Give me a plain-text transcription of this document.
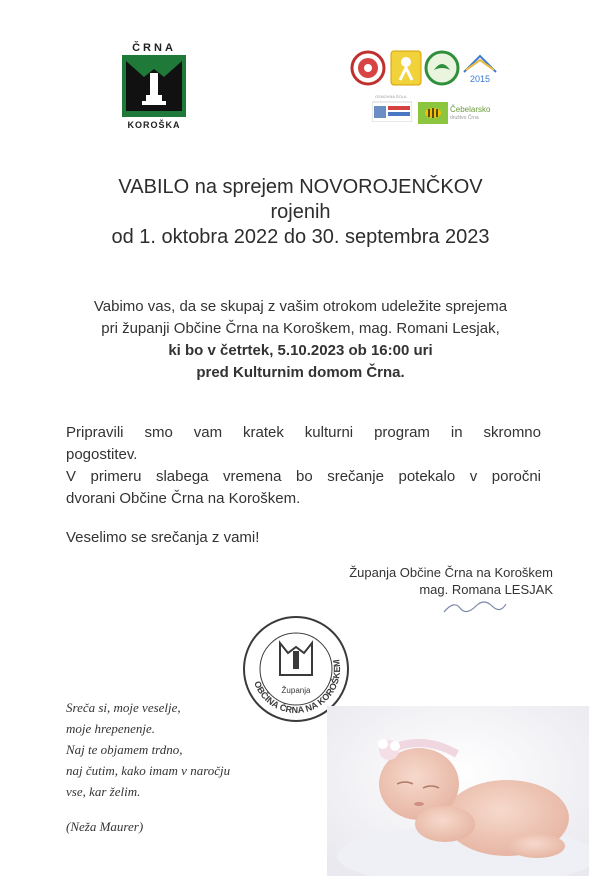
ČRNA
KOROŠKA
2015
OSNOVNA ŠOLA
Čebelarsko
društvo Črna
VABILO na sprejem NOVOROJENČKOV
rojenih
od 1. oktobra 2022 do 30. septembra 2023
Vabimo vas, da se skupaj z vašim otrokom udeležite sprejema
pri županji Občine Črna na Koroškem, mag. Romani Lesjak,
ki bo v četrtek, 5.10.2023 ob 16:00 uri
pred Kulturnim domom Črna.
Pripravili smo vam kratek kulturni program in skromno
pogostitev.
V primeru slabega vremena bo srečanje potekalo v poročni
dvorani Občine Črna na Koroškem.
Veselimo se srečanja z vami!
Županja Občine Črna na Koroškem
mag. Romana LESJAK
OBČINA ČRNA NA KOROŠKEM
Županja
Sreča si, moje veselje,
moje hrepenenje.
Naj te objamem trdno,
naj čutim, kako imam v naročju
vse, kar želim.
(Neža Maurer)
